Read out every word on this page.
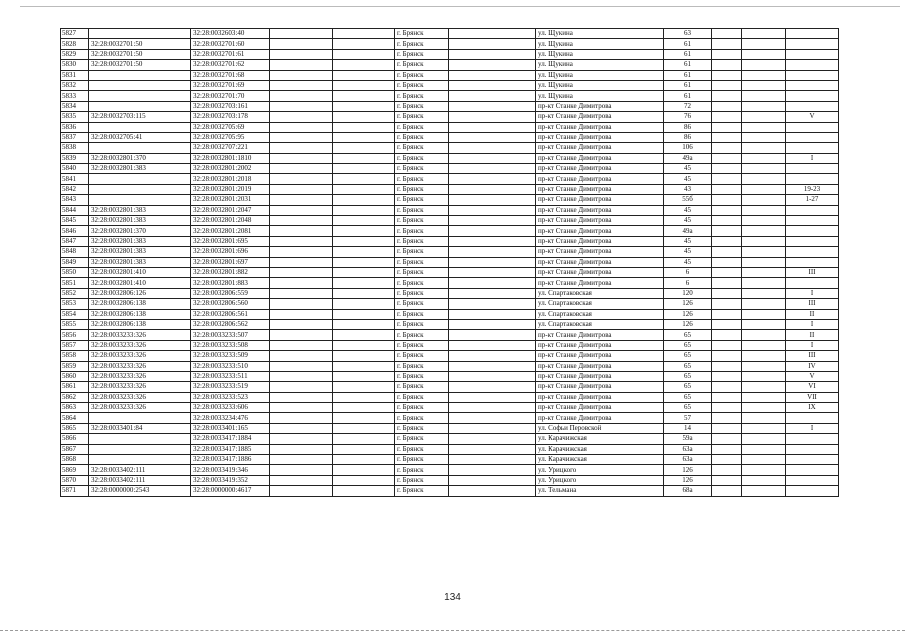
5827		32:28:0032603:40			г. Брянск		ул. Щукина	63			
5828	32:28:0032701:50	32:28:0032701:60			г. Брянск		ул. Щукина	61			
5829	32:28:0032701:50	32:28:0032701:61			г. Брянск		ул. Щукина	61			
5830	32:28:0032701:50	32:28:0032701:62			г. Брянск		ул. Щукина	61			
5831		32:28:0032701:68			г. Брянск		ул. Щукина	61			
5832		32:28:0032701:69			г. Брянск		ул. Щукина	61			
5833		32:28:0032701:70			г. Брянск		ул. Щукина	61			
5834		32:28:0032703:161			г. Брянск		пр-кт Станке Димитрова	72			
5835	32:28:0032703:115	32:28:0032703:178			г. Брянск		пр-кт Станке Димитрова	76			V
5836		32:28:0032705:69			г. Брянск		пр-кт Станке Димитрова	86			
5837	32:28:0032705:41	32:28:0032705:95			г. Брянск		пр-кт Станке Димитрова	86			
5838		32:28:0032707:221			г. Брянск		пр-кт Станке Димитрова	106			
5839	32:28:0032801:370	32:28:0032801:1810			г. Брянск		пр-кт Станке Димитрова	49а			I
5840	32:28:0032801:383	32:28:0032801:2002			г. Брянск		пр-кт Станке Димитрова	45			
5841		32:28:0032801:2018			г. Брянск		пр-кт Станке Димитрова	45			
5842		32:28:0032801:2019			г. Брянск		пр-кт Станке Димитрова	43			19-23
5843		32:28:0032801:2031			г. Брянск		пр-кт Станке Димитрова	55б			1-27
5844	32:28:0032801:383	32:28:0032801:2047			г. Брянск		пр-кт Станке Димитрова	45			
5845	32:28:0032801:383	32:28:0032801:2048			г. Брянск		пр-кт Станке Димитрова	45			
5846	32:28:0032801:370	32:28:0032801:2081			г. Брянск		пр-кт Станке Димитрова	49а			
5847	32:28:0032801:383	32:28:0032801:695			г. Брянск		пр-кт Станке Димитрова	45			
5848	32:28:0032801:383	32:28:0032801:696			г. Брянск		пр-кт Станке Димитрова	45			
5849	32:28:0032801:383	32:28:0032801:697			г. Брянск		пр-кт Станке Димитрова	45			
5850	32:28:0032801:410	32:28:0032801:882			г. Брянск		пр-кт Станке Димитрова	6			III
5851	32:28:0032801:410	32:28:0032801:883			г. Брянск		пр-кт Станке Димитрова	6			
5852	32:28:0032806:126	32:28:0032806:559			г. Брянск		ул. Спартаковская	120			I
5853	32:28:0032806:138	32:28:0032806:560			г. Брянск		ул. Спартаковская	126			III
5854	32:28:0032806:138	32:28:0032806:561			г. Брянск		ул. Спартаковская	126			II
5855	32:28:0032806:138	32:28:0032806:562			г. Брянск		ул. Спартаковская	126			I
5856	32:28:0033233:326	32:28:0033233:507			г. Брянск		пр-кт Станке Димитрова	65			II
5857	32:28:0033233:326	32:28:0033233:508			г. Брянск		пр-кт Станке Димитрова	65			I
5858	32:28:0033233:326	32:28:0033233:509			г. Брянск		пр-кт Станке Димитрова	65			III
5859	32:28:0033233:326	32:28:0033233:510			г. Брянск		пр-кт Станке Димитрова	65			IV
5860	32:28:0033233:326	32:28:0033233:511			г. Брянск		пр-кт Станке Димитрова	65			V
5861	32:28:0033233:326	32:28:0033233:519			г. Брянск		пр-кт Станке Димитрова	65			VI
5862	32:28:0033233:326	32:28:0033233:523			г. Брянск		пр-кт Станке Димитрова	65			VII
5863	32:28:0033233:326	32:28:0033233:606			г. Брянск		пр-кт Станке Димитрова	65			IX
5864		32:28:0033234:476			г. Брянск		пр-кт Станке Димитрова	57			
5865	32:28:0033401:84	32:28:0033401:165			г. Брянск		ул. Софьи Перовской	14			I
5866		32:28:0033417:1884			г. Брянск		ул. Карачижская	59а			
5867		32:28:0033417:1885			г. Брянск		ул. Карачижская	63а			
5868		32:28:0033417:1886			г. Брянск		ул. Карачижская	63а			
5869	32:28:0033402:111	32:28:0033419:346			г. Брянск		ул. Урицкого	126			
5870	32:28:0033402:111	32:28:0033419:352			г. Брянск		ул. Урицкого	126			
5871	32:28:0000000:2543	32:28:0000000:4617			г. Брянск		ул. Тельмана	68а			
134
